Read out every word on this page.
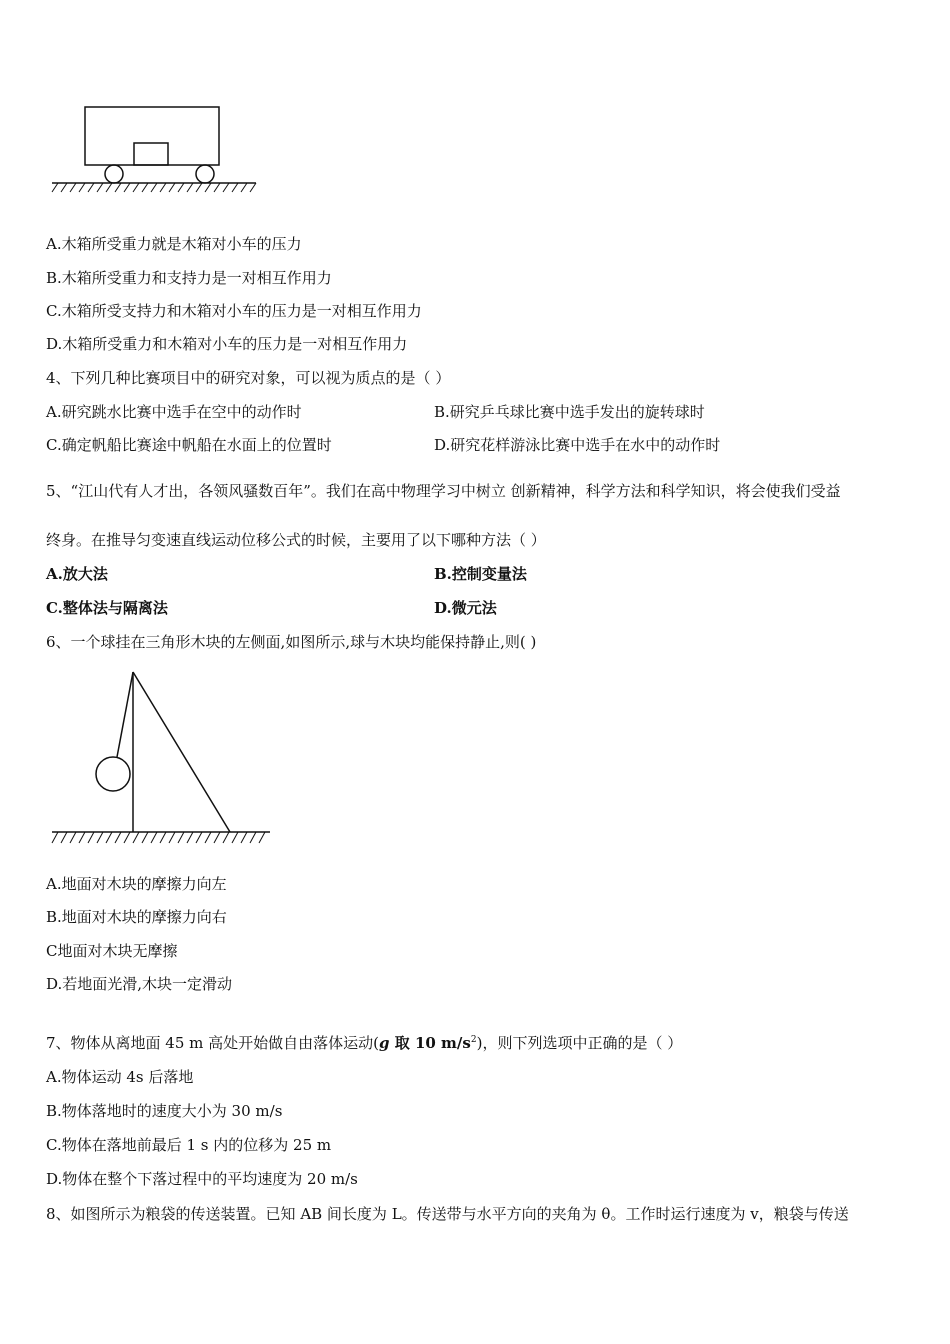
A.木箱所受重力就是木箱对小车的压力
B.木箱所受重力和支持力是一对相互作用力
C.木箱所受支持力和木箱对小车的压力是一对相互作用力
D.木箱所受重力和木箱对小车的压力是一对相互作用力
4、下列几种比赛项目中的研究对象，可以视为质点的是（ ）
A.研究跳水比赛中选手在空中的动作时	B.研究乒乓球比赛中选手发出的旋转球时
C.确定帆船比赛途中帆船在水面上的位置时	D.研究花样游泳比赛中选手在水中的动作时
5、“江山代有人才出，各领风骚数百年”。我们在高中物理学习中树立 创新精神，科学方法和科学知识，将会使我们受益
终身。在推导匀变速直线运动位移公式的时候，主要用了以下哪种方法（ ）
A.放大法	B.控制变量法
C.整体法与隔离法	D.微元法
6、一个球挂在三角形木块的左侧面,如图所示,球与木块均能保持静止,则( )
A.地面对木块的摩擦力向左
B.地面对木块的摩擦力向右
C地面对木块无摩擦
D.若地面光滑,木块一定滑动
7、物体从离地面 45 m 高处开始做自由落体运动(g 取 10 $m/s^2$)，则下列选项中正确的是（ ）
A.物体运动 4s 后落地
B.物体落地时的速度大小为 30 m/s
C.物体在落地前最后 1 s 内的位移为 25 m
D.物体在整个下落过程中的平均速度为 20 m/s
8、如图所示为粮袋的传送装置。已知 AB 间长度为 L。传送带与水平方向的夹角为 θ。工作时运行速度为 v，粮袋与传送
